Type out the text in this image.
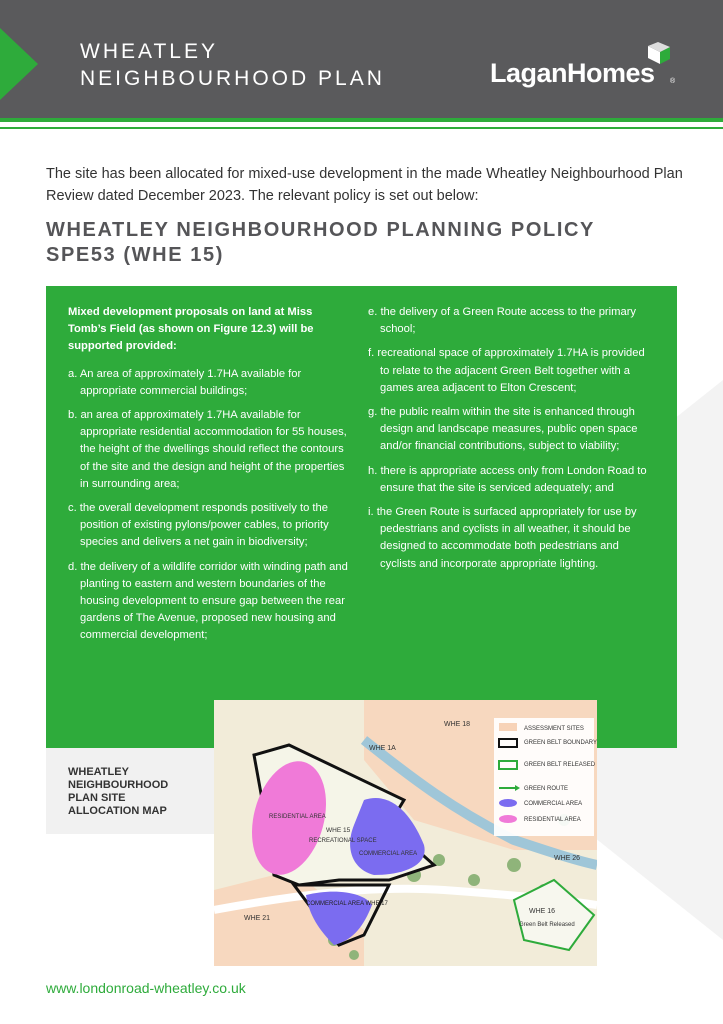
WHEATLEY
NEIGHBOURHOOD PLAN	LaganHomes ®
The site has been allocated for mixed-use development in the made Wheatley Neighbourhood Plan Review dated December 2023. The relevant policy is set out below:
WHEATLEY NEIGHBOURHOOD PLANNING POLICY
SPE53 (WHE 15)

Mixed development proposals on land at Miss Tomb’s Field (as shown on Figure 12.3) will be supported provided:

a. An area of approximately 1.7HA available for appropriate commercial buildings;

b. an area of approximately 1.7HA available for appropriate residential accommodation for 55 houses, the height of the dwellings should reflect the contours of the site and the design and height of the properties in surrounding area;

c. the overall development responds positively to the position of existing pylons/power cables, to priority species and delivers a net gain in biodiversity;

d. the delivery of a wildlife corridor with winding path and planting to eastern and western boundaries of the housing development to ensure gap between the rear gardens of The Avenue, proposed new housing and commercial development;

e. the delivery of a Green Route access to the primary school;

f. recreational space of approximately 1.7HA is provided to relate to the adjacent Green Belt together with a games area adjacent to Elton Crescent;

g. the public realm within the site is enhanced through design and landscape measures, public open space and/or financial contributions, subject to viability;

h. there is appropriate access only from London Road to ensure that the site is serviced adequately; and

i. the Green Route is surfaced appropriately for use by pedestrians and cyclists in all weather, it should be designed to accommodate both pedestrians and cyclists and incorporate appropriate lighting.

WHEATLEY NEIGHBOURHOOD PLAN SITE ALLOCATION MAP
WHE 18
WHE 1A
WHE 15
RECREATIONAL SPACE
RESIDENTIAL AREA
COMMERCIAL AREA
COMMERCIAL AREA WHE 17
WHE 26
WHE 21
WHE 16
Green Belt Released
ASSESSMENT SITES
GREEN BELT BOUNDARY
GREEN BELT RELEASED
GREEN ROUTE
COMMERCIAL AREA
RESIDENTIAL AREA
www.londonroad-wheatley.co.uk
